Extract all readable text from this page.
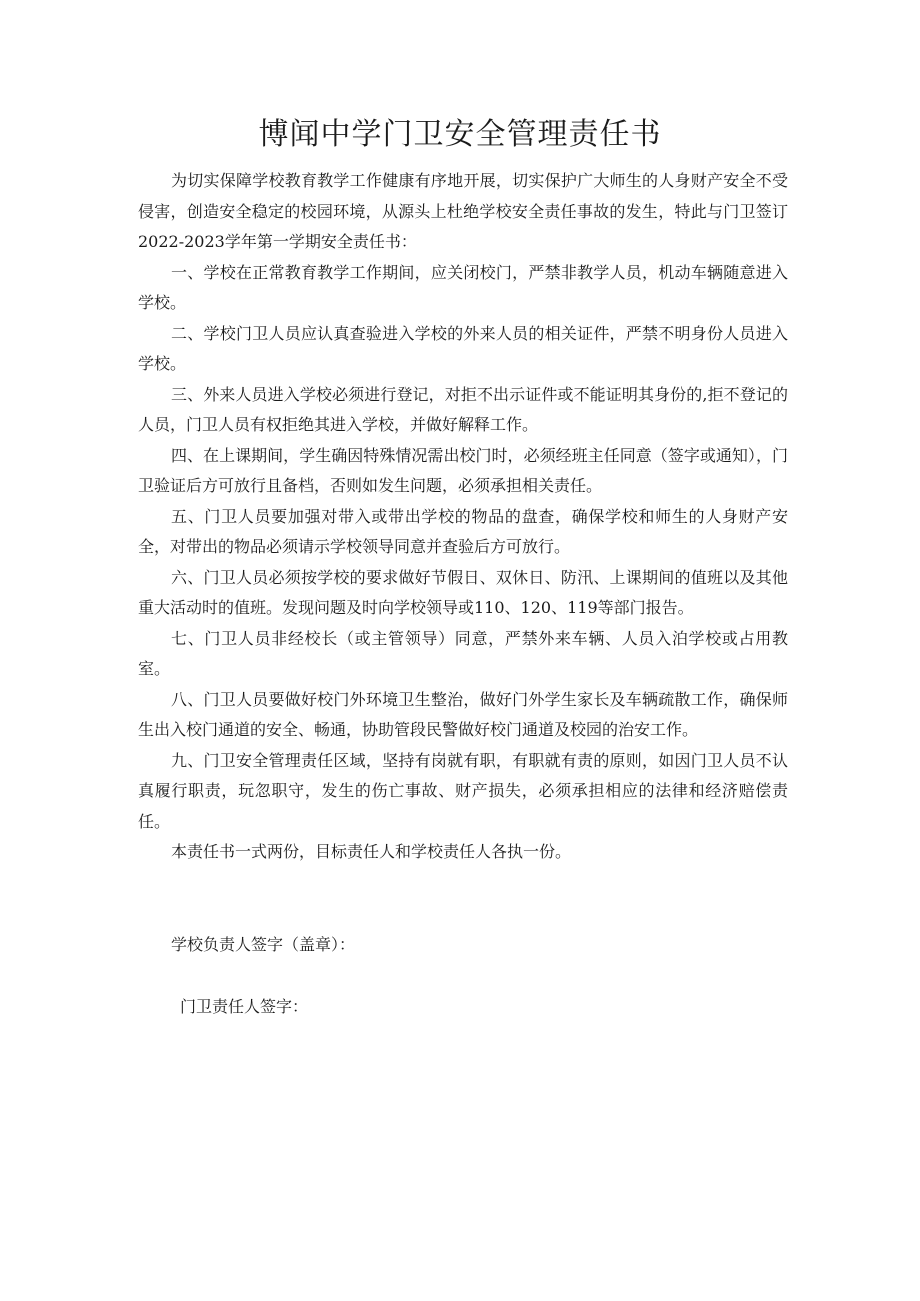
博闻中学门卫安全管理责任书

为切实保障学校教育教学工作健康有序地开展，切实保护广大师生的人身财产安全不受侵害，创造安全稳定的校园环境，从源头上杜绝学校安全责任事故的发生，特此与门卫签订2022-2023学年第一学期安全责任书：

一、学校在正常教育教学工作期间，应关闭校门，严禁非教学人员，机动车辆随意进入学校。

二、学校门卫人员应认真查验进入学校的外来人员的相关证件，严禁不明身份人员进入学校。

三、外来人员进入学校必须进行登记，对拒不出示证件或不能证明其身份的,拒不登记的人员，门卫人员有权拒绝其进入学校，并做好解释工作。

四、在上课期间，学生确因特殊情况需出校门时，必须经班主任同意（签字或通知），门卫验证后方可放行且备档，否则如发生问题，必须承担相关责任。

五、门卫人员要加强对带入或带出学校的物品的盘查，确保学校和师生的人身财产安全，对带出的物品必须请示学校领导同意并查验后方可放行。

六、门卫人员必须按学校的要求做好节假日、双休日、防汛、上课期间的值班以及其他重大活动时的值班。发现问题及时向学校领导或110、120、119等部门报告。

七、门卫人员非经校长（或主管领导）同意，严禁外来车辆、人员入泊学校或占用教室。

八、门卫人员要做好校门外环境卫生整治，做好门外学生家长及车辆疏散工作，确保师生出入校门通道的安全、畅通，协助管段民警做好校门通道及校园的治安工作。

九、门卫安全管理责任区域，坚持有岗就有职，有职就有责的原则，如因门卫人员不认真履行职责，玩忽职守，发生的伤亡事故、财产损失，必须承担相应的法律和经济赔偿责任。

本责任书一式两份，目标责任人和学校责任人各执一份。

学校负责人签字（盖章）：

门卫责任人签字：
